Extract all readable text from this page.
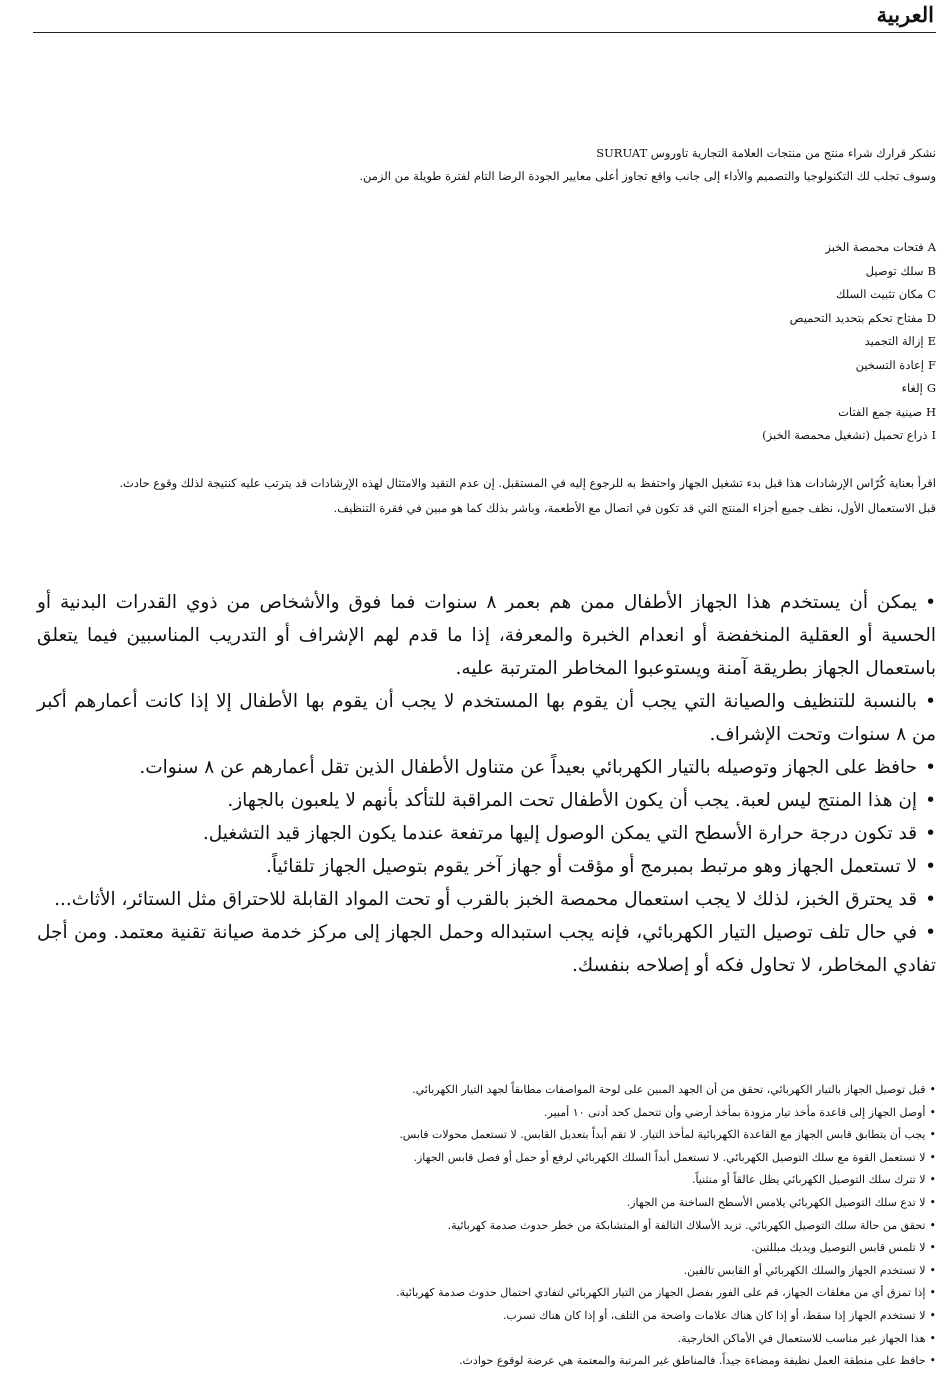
العربية

نشكر قرارك شراء منتج من منتجات العلامة التجارية تاوروس SURUAT

وسوف تجلب لك التكنولوجيا والتصميم والأداء إلى جانب واقع تجاوز أعلى معايير الجودة الرضا التام لفترة طويلة من الزمن.

Aفتحات محمصة الخبز
Bسلك توصيل
Cمكان تثبيت السلك
Dمفتاح تحكم بتحديد التحميص
Eإزالة التجميد
Fإعادة التسخين
Gإلغاء
Hصينية جمع الفتات
Iذراع تحميل (تشغيل محمصة الخبز)

اقرأ بعناية كُرّاس الإرشادات هذا قبل بدء تشغيل الجهاز واحتفظ به للرجوع إليه في المستقبل. إن عدم التقيد والامتثال لهذه الإرشادات قد يترتب عليه كنتيجة لذلك وقوع حادث.

قبل الاستعمال الأول، نظف جميع أجزاء المنتج التي قد تكون في اتصال مع الأطعمة، وباشر بذلك كما هو مبين في فقرة التنظيف.

• يمكن أن يستخدم هذا الجهاز الأطفال ممن هم بعمر ٨ سنوات فما فوق والأشخاص من ذوي القدرات البدنية أو الحسية أو العقلية المنخفضة أو انعدام الخبرة والمعرفة، إذا ما قدم لهم الإشراف أو التدريب المناسبين فيما يتعلق باستعمال الجهاز بطريقة آمنة ويستوعبوا المخاطر المترتبة عليه.
• بالنسبة للتنظيف والصيانة التي يجب أن يقوم بها المستخدم لا يجب أن يقوم بها الأطفال إلا إذا كانت أعمارهم أكبر من ٨ سنوات وتحت الإشراف.
• حافظ على الجهاز وتوصيله بالتيار الكهربائي بعيداً عن متناول الأطفال الذين تقل أعمارهم عن ٨ سنوات.
• إن هذا المنتج ليس لعبة. يجب أن يكون الأطفال تحت المراقبة للتأكد بأنهم لا يلعبون بالجهاز.
• قد تكون درجة حرارة الأسطح التي يمكن الوصول إليها مرتفعة عندما يكون الجهاز قيد التشغيل.
• لا تستعمل الجهاز وهو مرتبط بمبرمج أو مؤقت أو جهاز آخر يقوم بتوصيل الجهاز تلقائياً.
• قد يحترق الخبز، لذلك لا يجب استعمال محمصة الخبز بالقرب أو تحت المواد القابلة للاحتراق مثل الستائر، الأثاث...
• في حال تلف توصيل التيار الكهربائي، فإنه يجب استبداله وحمل الجهاز إلى مركز خدمة صيانة تقنية معتمد. ومن أجل تفادي المخاطر، لا تحاول فكه أو إصلاحه بنفسك.
• قبل توصيل الجهاز بالتيار الكهربائي، تحقق من أن الجهد المبين على لوحة المواصفات مطابقاً لجهد التيار الكهربائي.
• أوصل الجهاز إلى قاعدة مأخذ تيار مزودة بمأخذ أرضي وأن تتحمل كحد أدنى ١٠ أمبير.
• يجب أن يتطابق قابس الجهاز مع القاعدة الكهربائية لمأخذ التيار. لا تقم أبداً بتعديل القابس. لا تستعمل محولات قابس.
• لا تستعمل القوة مع سلك التوصيل الكهربائي. لا تستعمل أبداً السلك الكهربائي لرفع أو حمل أو فصل قابس الجهاز.
• لا تترك سلك التوصيل الكهربائي يظل عالقاً أو منثنياً.
• لا تدع سلك التوصيل الكهربائي يلامس الأسطح الساخنة من الجهاز.
• تحقق من حالة سلك التوصيل الكهربائي. تزيد الأسلاك التالفة أو المتشابكة من خطر حدوث صدمة كهربائية.
• لا تلمس قابس التوصيل ويديك مبللتين.
• لا تستخدم الجهاز والسلك الكهربائي أو القابس تالفين.
• إذا تمزق أي من مغلقات الجهاز، قم على الفور بفصل الجهاز من التيار الكهربائي لتفادي احتمال حدوث صدمة كهربائية.
• لا تستخدم الجهاز إذا سقط، أو إذا كان هناك علامات واضحة من التلف، أو إذا كان هناك تسرب.
• هذا الجهاز غير مناسب للاستعمال في الأماكن الخارجية.
• حافظ على منطقة العمل نظيفة ومضاءة جيداً. فالمناطق غير المرتبة والمعتمة هي عرضة لوقوع حوادث.
